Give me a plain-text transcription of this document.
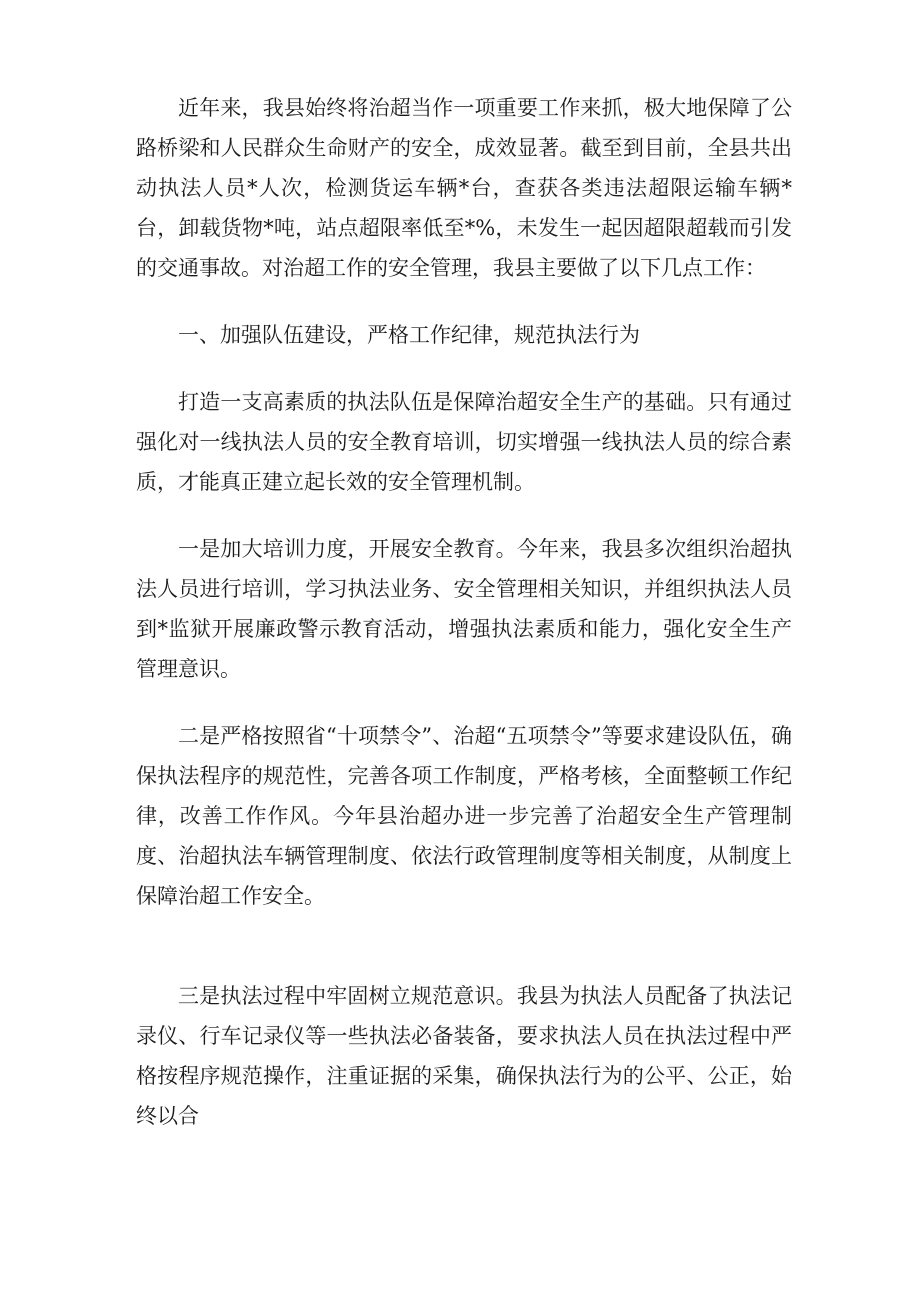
近年来，我县始终将治超当作一项重要工作来抓，极大地保障了公路桥梁和人民群众生命财产的安全，成效显著。截至到目前，全县共出动执法人员*人次，检测货运车辆*台，查获各类违法超限运输车辆*台，卸载货物*吨，站点超限率低至*%，未发生一起因超限超载而引发的交通事故。对治超工作的安全管理，我县主要做了以下几点工作：

一、加强队伍建设，严格工作纪律，规范执法行为

打造一支高素质的执法队伍是保障治超安全生产的基础。只有通过强化对一线执法人员的安全教育培训，切实增强一线执法人员的综合素质，才能真正建立起长效的安全管理机制。

一是加大培训力度，开展安全教育。今年来，我县多次组织治超执法人员进行培训，学习执法业务、安全管理相关知识，并组织执法人员到*监狱开展廉政警示教育活动，增强执法素质和能力，强化安全生产管理意识。

二是严格按照省“十项禁令”、治超“五项禁令”等要求建设队伍，确保执法程序的规范性，完善各项工作制度，严格考核，全面整顿工作纪律，改善工作作风。今年县治超办进一步完善了治超安全生产管理制度、治超执法车辆管理制度、依法行政管理制度等相关制度，从制度上保障治超工作安全。

三是执法过程中牢固树立规范意识。我县为执法人员配备了执法记录仪、行车记录仪等一些执法必备装备，要求执法人员在执法过程中严格按程序规范操作，注重证据的采集，确保执法行为的公平、公正，始终以合
